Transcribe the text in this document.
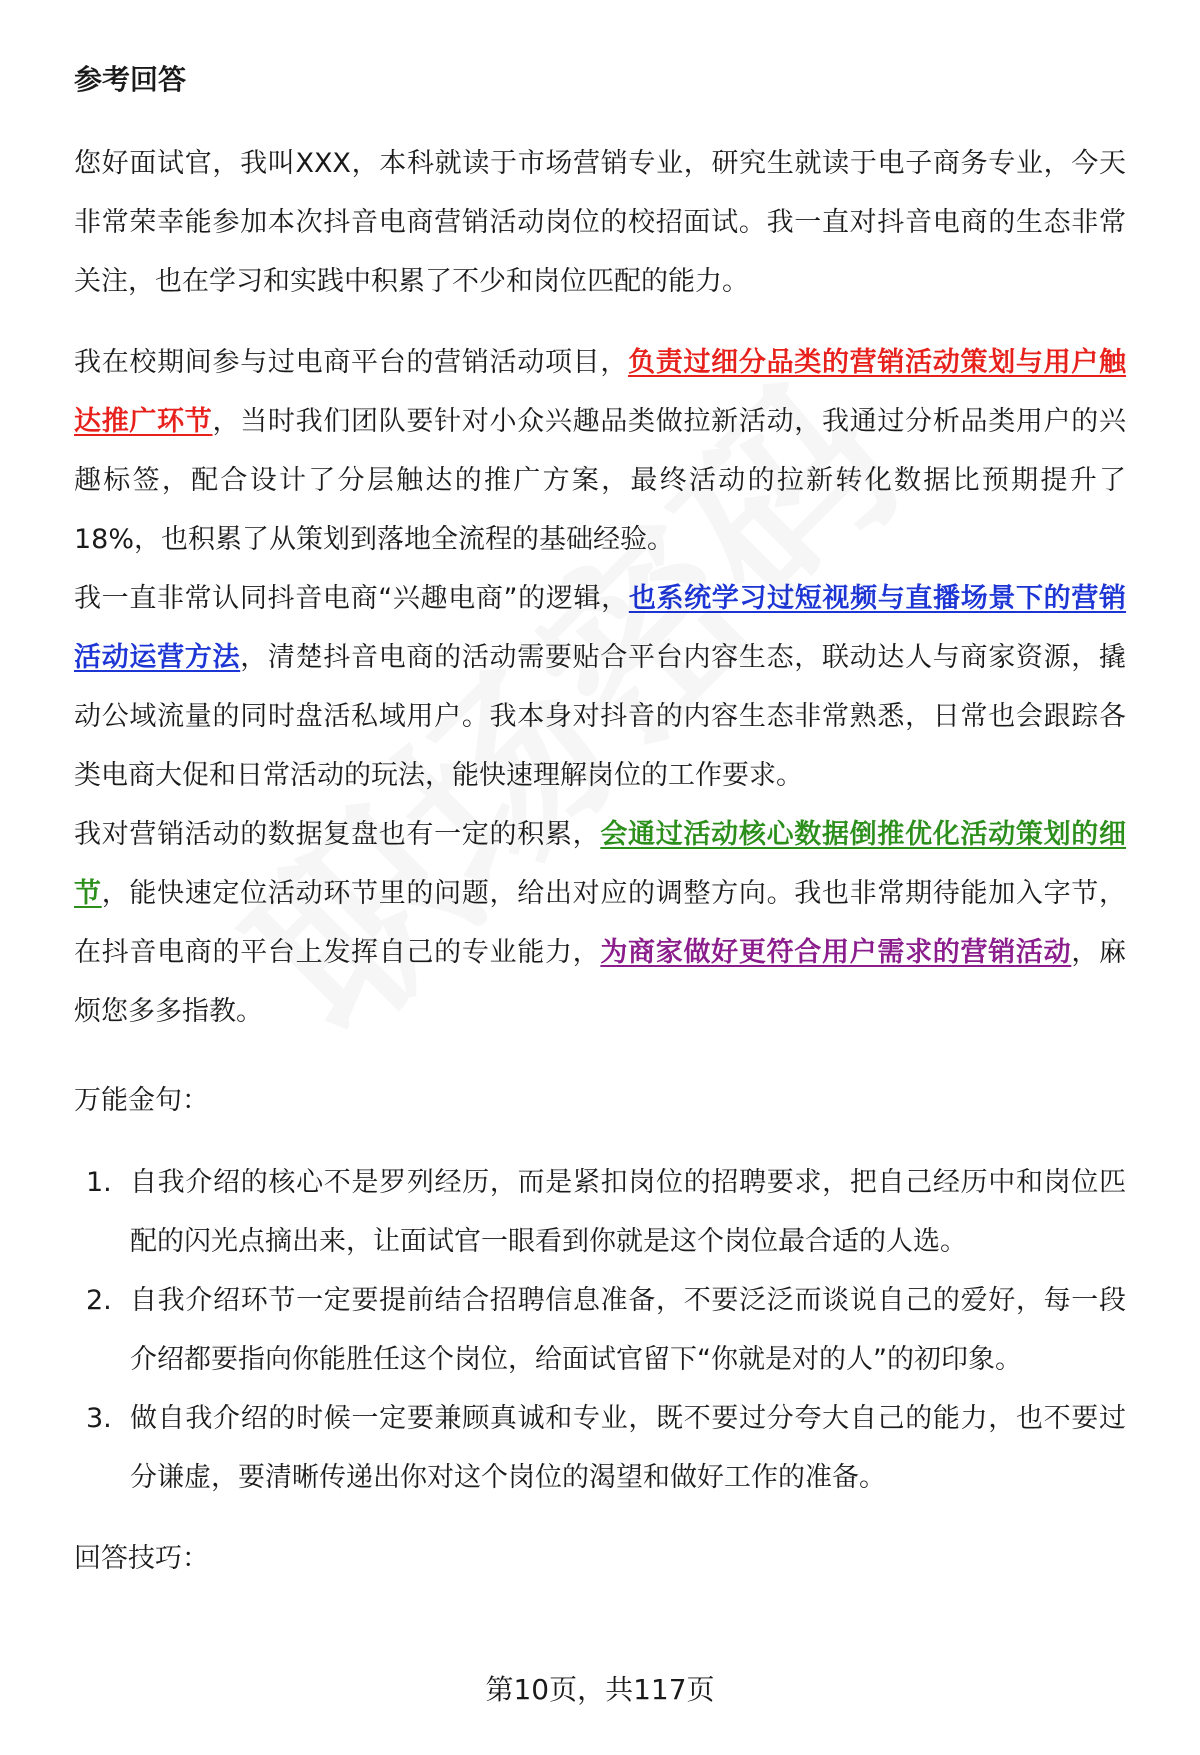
参考回答

您好面试官，我叫XXX，本科就读于市场营销专业，研究生就读于电子商务专业，今天非常荣幸能参加本次抖音电商营销活动岗位的校招面试。我一直对抖音电商的生态非常关注，也在学习和实践中积累了不少和岗位匹配的能力。

我在校期间参与过电商平台的营销活动项目，负责过细分品类的营销活动策划与用户触达推广环节，当时我们团队要针对小众兴趣品类做拉新活动，我通过分析品类用户的兴趣标签，配合设计了分层触达的推广方案，最终活动的拉新转化数据比预期提升了18%，也积累了从策划到落地全流程的基础经验。

我一直非常认同抖音电商“兴趣电商”的逻辑，也系统学习过短视频与直播场景下的营销活动运营方法，清楚抖音电商的活动需要贴合平台内容生态，联动达人与商家资源，撬动公域流量的同时盘活私域用户。我本身对抖音的内容生态非常熟悉，日常也会跟踪各类电商大促和日常活动的玩法，能快速理解岗位的工作要求。

我对营销活动的数据复盘也有一定的积累，会通过活动核心数据倒推优化活动策划的细节，能快速定位活动环节里的问题，给出对应的调整方向。我也非常期待能加入字节，在抖音电商的平台上发挥自己的专业能力，为商家做好更符合用户需求的营销活动，麻烦您多多指教。

万能金句：
1. 自我介绍的核心不是罗列经历，而是紧扣岗位的招聘要求，把自己经历中和岗位匹配的闪光点摘出来，让面试官一眼看到你就是这个岗位最合适的人选。
2. 自我介绍环节一定要提前结合招聘信息准备，不要泛泛而谈说自己的爱好，每一段介绍都要指向你能胜任这个岗位，给面试官留下“你就是对的人”的初印象。
3. 做自我介绍的时候一定要兼顾真诚和专业，既不要过分夸大自己的能力，也不要过分谦虚，要清晰传递出你对这个岗位的渴望和做好工作的准备。
回答技巧：
第10页，共117页
